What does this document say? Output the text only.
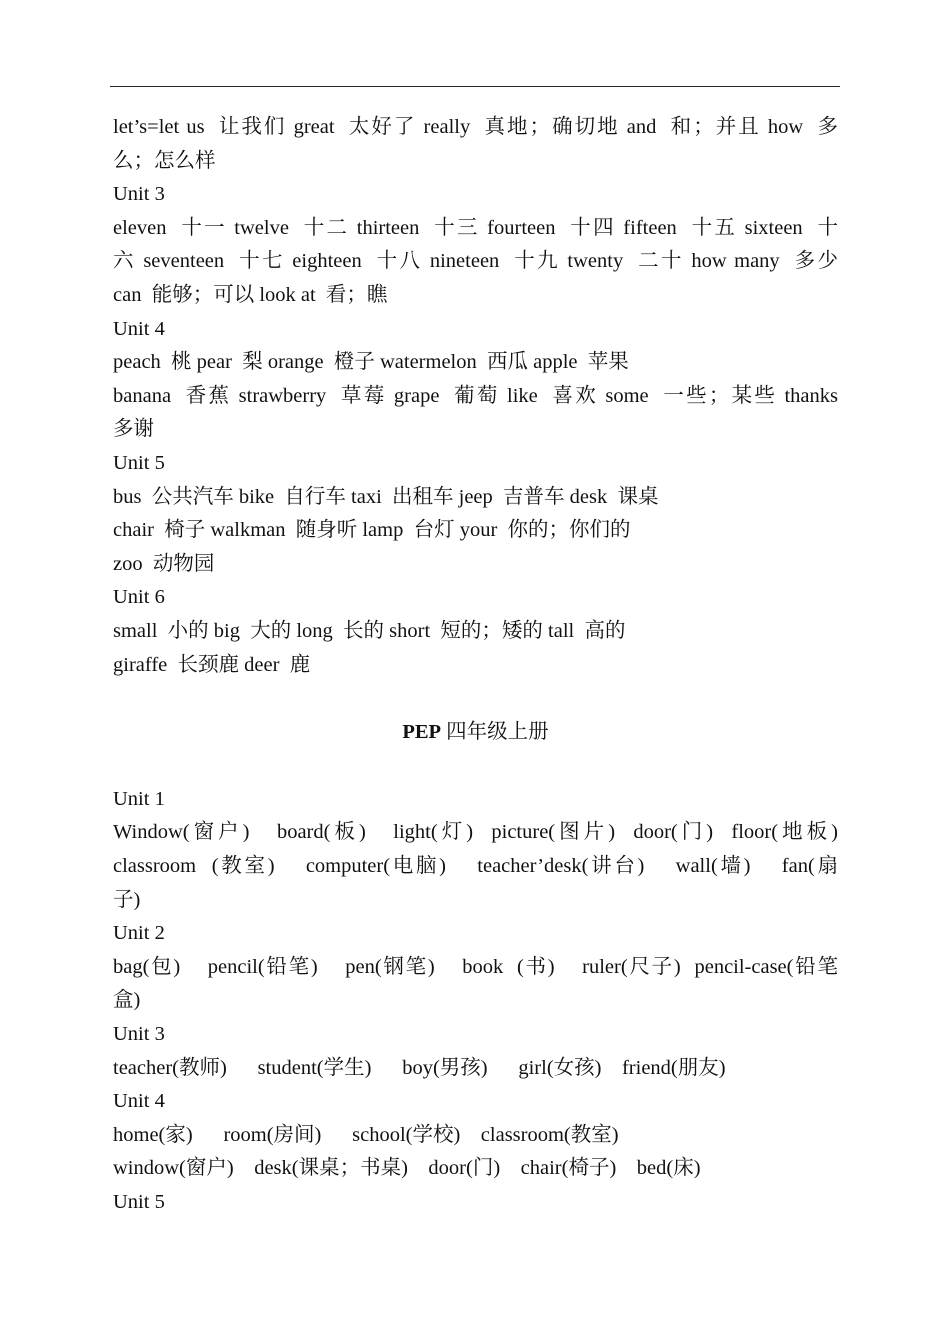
let’s=let us  让我们 great  太好了 really  真地；确切地 and  和；并且 how  多

么；怎么样

Unit 3

eleven  十一 twelve  十二 thirteen  十三 fourteen  十四 fifteen  十五 sixteen  十

六 seventeen  十七 eighteen  十八 nineteen  十九 twenty  二十 how many  多少

can  能够；可以 look at  看；瞧

Unit 4

peach  桃 pear  梨 orange  橙子 watermelon  西瓜 apple  苹果

banana  香蕉 strawberry  草莓 grape  葡萄 like  喜欢 some  一些；某些 thanks

多谢

Unit 5

bus  公共汽车 bike  自行车 taxi  出租车 jeep  吉普车 desk  课桌

chair  椅子 walkman  随身听 lamp  台灯 your  你的；你们的

zoo  动物园

Unit 6

small  小的 big  大的 long  长的 short  短的；矮的 tall  高的

giraffe  长颈鹿 deer  鹿

PEP 四年级上册

Unit 1

Window(窗户)   board(板)   light(灯)  picture(图片)  door(门)  floor(地板)

classroom  (教室)    computer(电脑)    teacher’desk(讲台)    wall(墙)    fan(扇

子)

Unit 2

bag(包)    pencil(铅笔)    pen(钢笔)    book  (书)    ruler(尺子)  pencil-case(铅笔

盒)

Unit 3

teacher(教师)      student(学生)      boy(男孩)      girl(女孩)    friend(朋友)

Unit 4

home(家)      room(房间)      school(学校)    classroom(教室)

window(窗户)    desk(课桌；书桌)    door(门)    chair(椅子)    bed(床)

Unit 5
